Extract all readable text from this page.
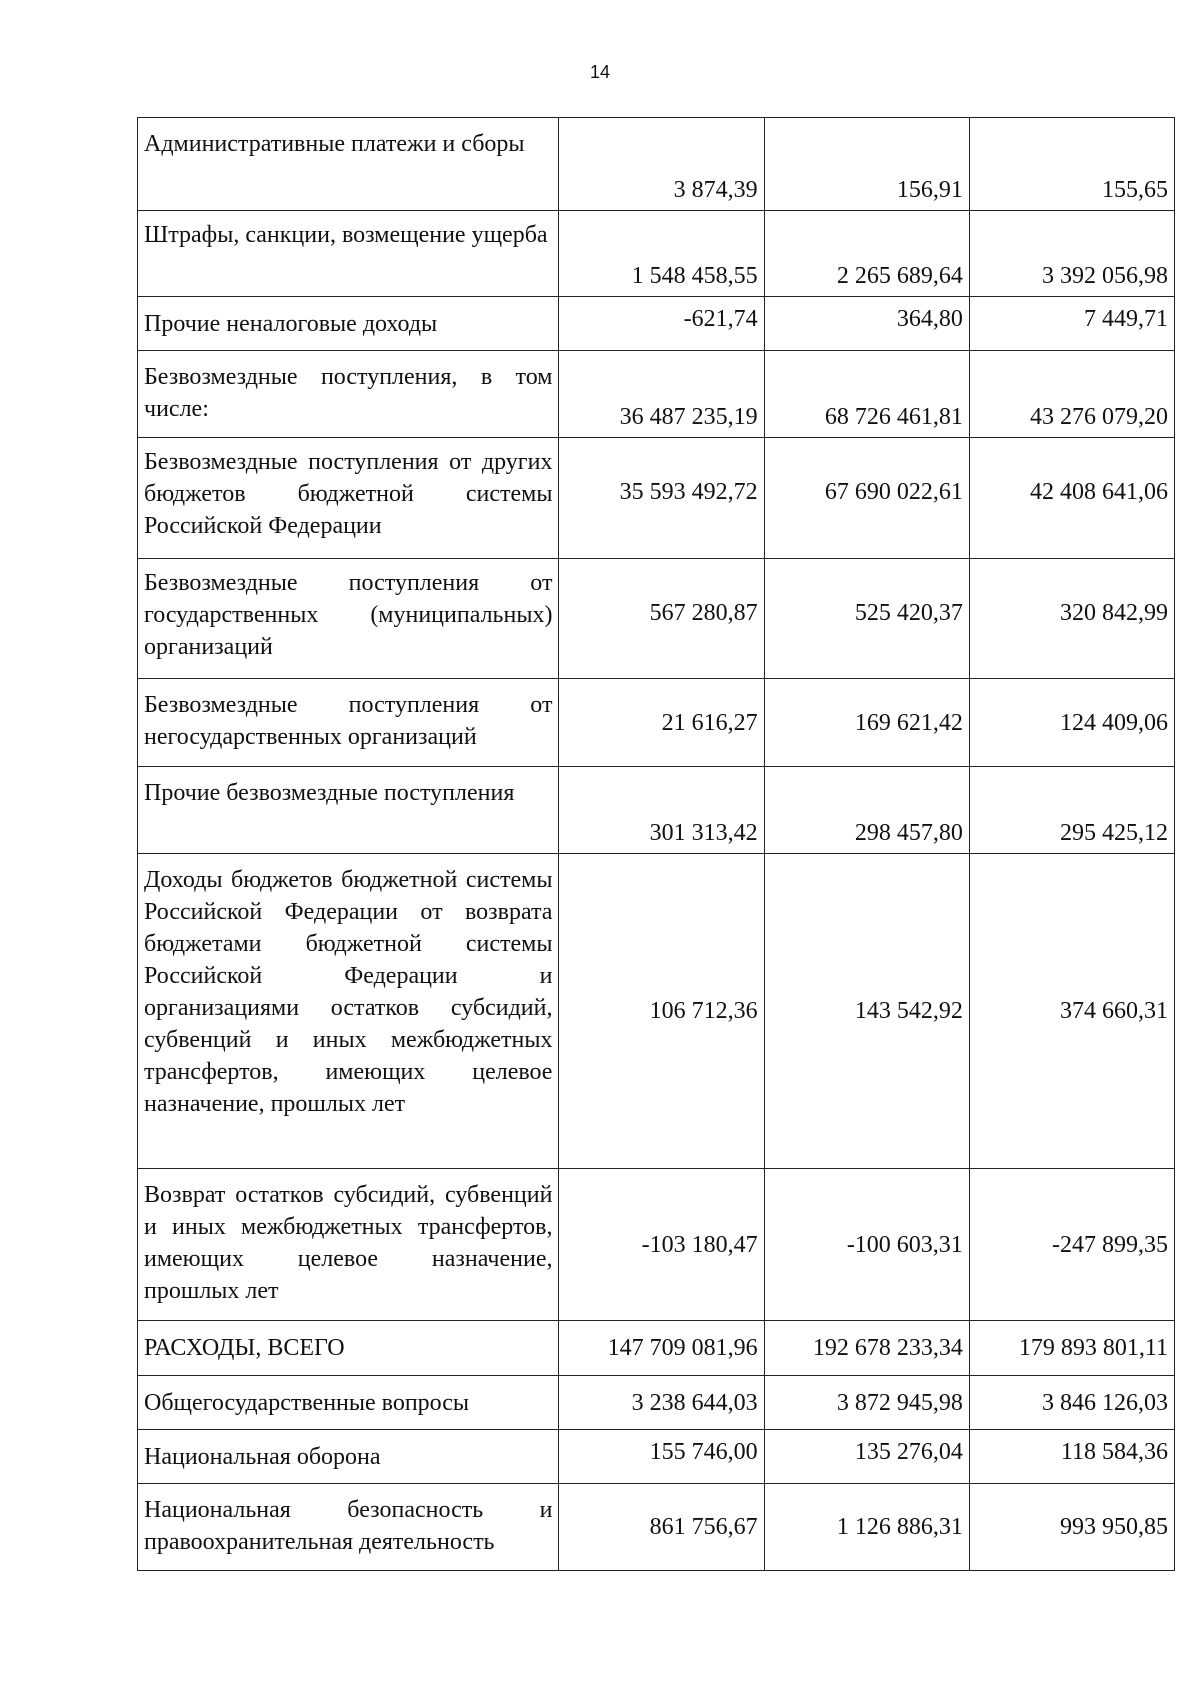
14
Административные платежи и сборы	3 874,39	156,91	155,65
Штрафы, санкции, возмещение ущерба	1 548 458,55	2 265 689,64	3 392 056,98
Прочие неналоговые доходы	-621,74	364,80	7 449,71
Безвозмездные поступления, в том числе:	36 487 235,19	68 726 461,81	43 276 079,20
Безвозмездные поступления от других бюджетов бюджетной системы Российской Федерации	35 593 492,72	67 690 022,61	42 408 641,06
Безвозмездные поступления от государственных (муниципальных) организаций	567 280,87	525 420,37	320 842,99
Безвозмездные поступления от негосударственных организаций	21 616,27	169 621,42	124 409,06
Прочие безвозмездные поступления	301 313,42	298 457,80	295 425,12
Доходы бюджетов бюджетной системы Российской Федерации от возврата бюджетами бюджетной системы Российской Федерации и организациями остатков субсидий, субвенций и иных межбюджетных трансфертов, имеющих целевое назначение, прошлых лет	106 712,36	143 542,92	374 660,31
Возврат остатков субсидий, субвенций и иных межбюджетных трансфертов, имеющих целевое назначение, прошлых лет	-103 180,47	-100 603,31	-247 899,35
РАСХОДЫ, ВСЕГО	147 709 081,96	192 678 233,34	179 893 801,11
Общегосударственные вопросы	3 238 644,03	3 872 945,98	3 846 126,03
Национальная оборона	155 746,00	135 276,04	118 584,36
Национальная безопасность и правоохранительная деятельность	861 756,67	1 126 886,31	993 950,85
